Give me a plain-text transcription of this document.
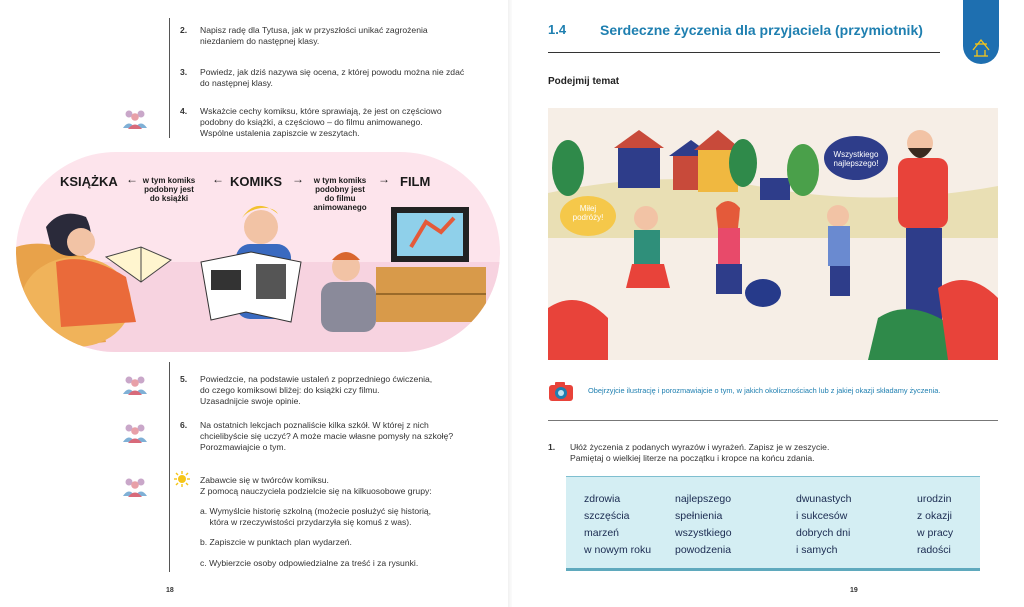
2. Napisz radę dla Tytusa, jak w przyszłości unikać zagrożenia
niezdaniem do następnej klasy.
3. Powiedz, jak dziś nazywa się ocena, z której powodu można nie zdać
do następnej klasy.
4. Wskażcie cechy komiksu, które sprawiają, że jest on częściowo
podobny do książki, a częściowo – do filmu animowanego.
Wspólne ustalenia zapiszcie w zeszytach.
KSIĄŻKA ← w tym komiks
podobny jest
do książki
← KOMIKS →	w tym komiks
podobny jest
do filmu
animowanego
→ FILM
5. Powiedzcie, na podstawie ustaleń z poprzedniego ćwiczenia,
do czego komiksowi bliżej: do książki czy filmu.
Uzasadnijcie swoje opinie.
6. Na ostatnich lekcjach poznaliście kilka szkół. W której z nich
chcielibyście się uczyć? A może macie własne pomysły na szkołę?
Porozmawiajcie o tym.
Zabawcie się w twórców komiksu.
Z pomocą nauczyciela podzielcie się na kilkuosobowe grupy:
a. Wymyślcie historię szkolną (możecie posłużyć się historią,
która w rzeczywistości przydarzyła się komuś z was).
b. Zapiszcie w punktach plan wydarzeń.
c. Wybierzcie osoby odpowiedzialne za treść i za rysunki.
18
1.4 Serdeczne życzenia dla przyjaciela (przymiotnik)
Podejmij temat
Miłej
podróży!
Wszystkiego
najlepszego!
Obejrzyjcie ilustrację i porozmawiajcie o tym, w jakich okolicznościach lub z jakiej okazji składamy życzenia.
1. Ułóż życzenia z podanych wyrazów i wyrażeń. Zapisz je w zeszycie.
Pamiętaj o wielkiej literze na początku i kropce na końcu zdania.
zdrowia
szczęścia
marzeń
w nowym roku
najlepszego
spełnienia
wszystkiego
powodzenia
dwunastych
i sukcesów
dobrych dni
i samych
urodzin
z okazji
w pracy
radości
19
